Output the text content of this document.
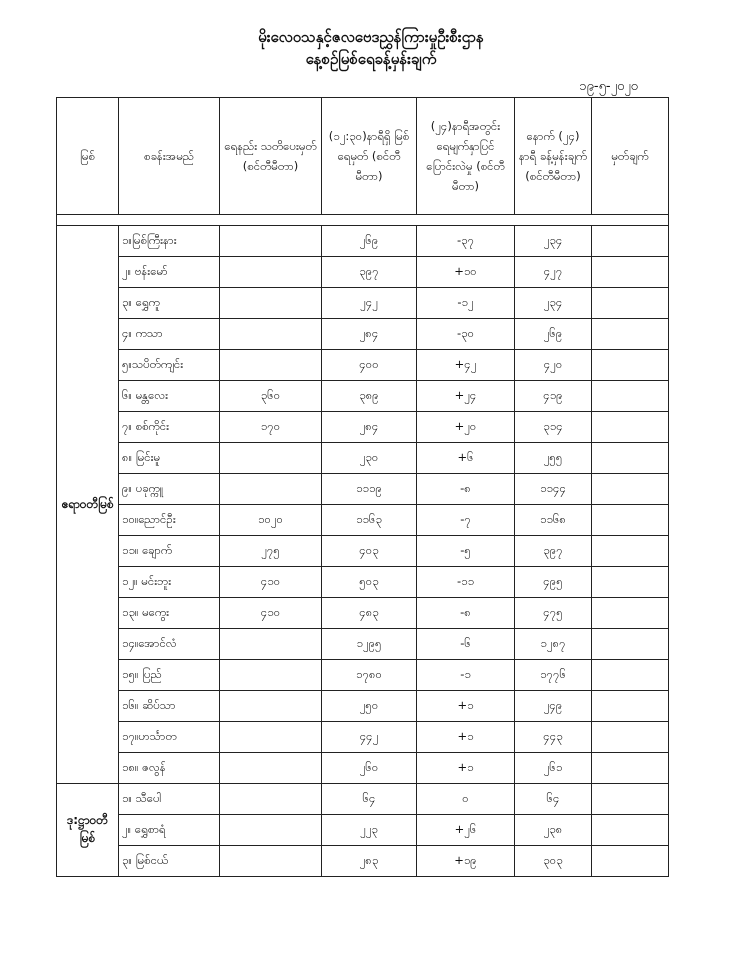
မိုးလေဝသနှင့်ဇလဗေဒညွှန်ကြားမှုဦးစီးဌာန
နေ့စဉ်မြစ်ရေခန့်မှန်းချက်
၁၉-၅-၂၀၂၀
မြစ်	စခန်းအမည်	ရေနည်း သတိပေးမှတ် (စင်တီမီတာ)	(၁၂:၃၀)နာရီရှိ မြစ်ရေမှတ် (စင်တီမီတာ)	(၂၄)နာရီအတွင်း ရေမျက်နှာပြင် ပြောင်းလဲမှု (စင်တီမီတာ)	နောက် (၂၄) နာရီ ခန့်မှန်းချက် (စင်တီမီတာ)	မှတ်ချက်

ဧရာဝတီမြစ်	၁။မြစ်ကြီးနား		၂၆၉	-၃၇	၂၃၄	
	၂။ ဗန်းမော်		၃၉၇	+၁၀	၄၂၇	
	၃။ ရွှေကူ		၂၄၂	-၁၂	၂၃၄	
	၄။ ကသာ		၂၈၄	-၃၀	၂၆၉	
	၅။သပိတ်ကျင်း		၄၀၀	+၄၂	၄၂၀	
	၆။ မန္တလေး	၃၆၀	၃၈၉	+၂၄	၄၁၉	
	၇။ စစ်ကိုင်း	၁၇၀	၂၈၄	+၂၀	၃၁၄	
	၈။ မြင်းမူ		၂၃၀	+၆	၂၅၅	
	၉။ ပခုက္ကူ		၁၁၁၉	-၈	၁၁၄၄	
	၁၀။ညောင်ဦး	၁၀၂၀	၁၁၆၃	-၇	၁၁၆၈	
	၁၁။ ချောက်	၂၇၅	၄၀၃	-၅	၃၉၇	
	၁၂။ မင်းဘူး	၄၁၀	၅၀၃	-၁၁	၄၉၅	
	၁၃။ မကွေး	၄၁၀	၄၈၃	-၈	၄၇၅	
	၁၄။အောင်လံ		၁၂၉၅	-၆	၁၂၈၇	
	၁၅။ ပြည်		၁၇၈၀	-၁	၁၇၇၆	
	၁၆။ ဆိပ်သာ		၂၅၀	+၁	၂၄၉	
	၁၇။ဟင်္သာတ		၄၄၂	+၁	၄၄၃	
	၁၈။ ဇလွန်		၂၆၀	+၁	၂၆၁	
ဒု:ဋ္ဌာဝတီမြစ်	၁။ သီပေါ		၆၄	၀	၆၄	
	၂။ ရွှေစာရံ		၂၂၃	+၂၆	၂၃၈	
	၃။ မြစ်ငယ်		၂၈၃	+၁၉	၃၀၃	
